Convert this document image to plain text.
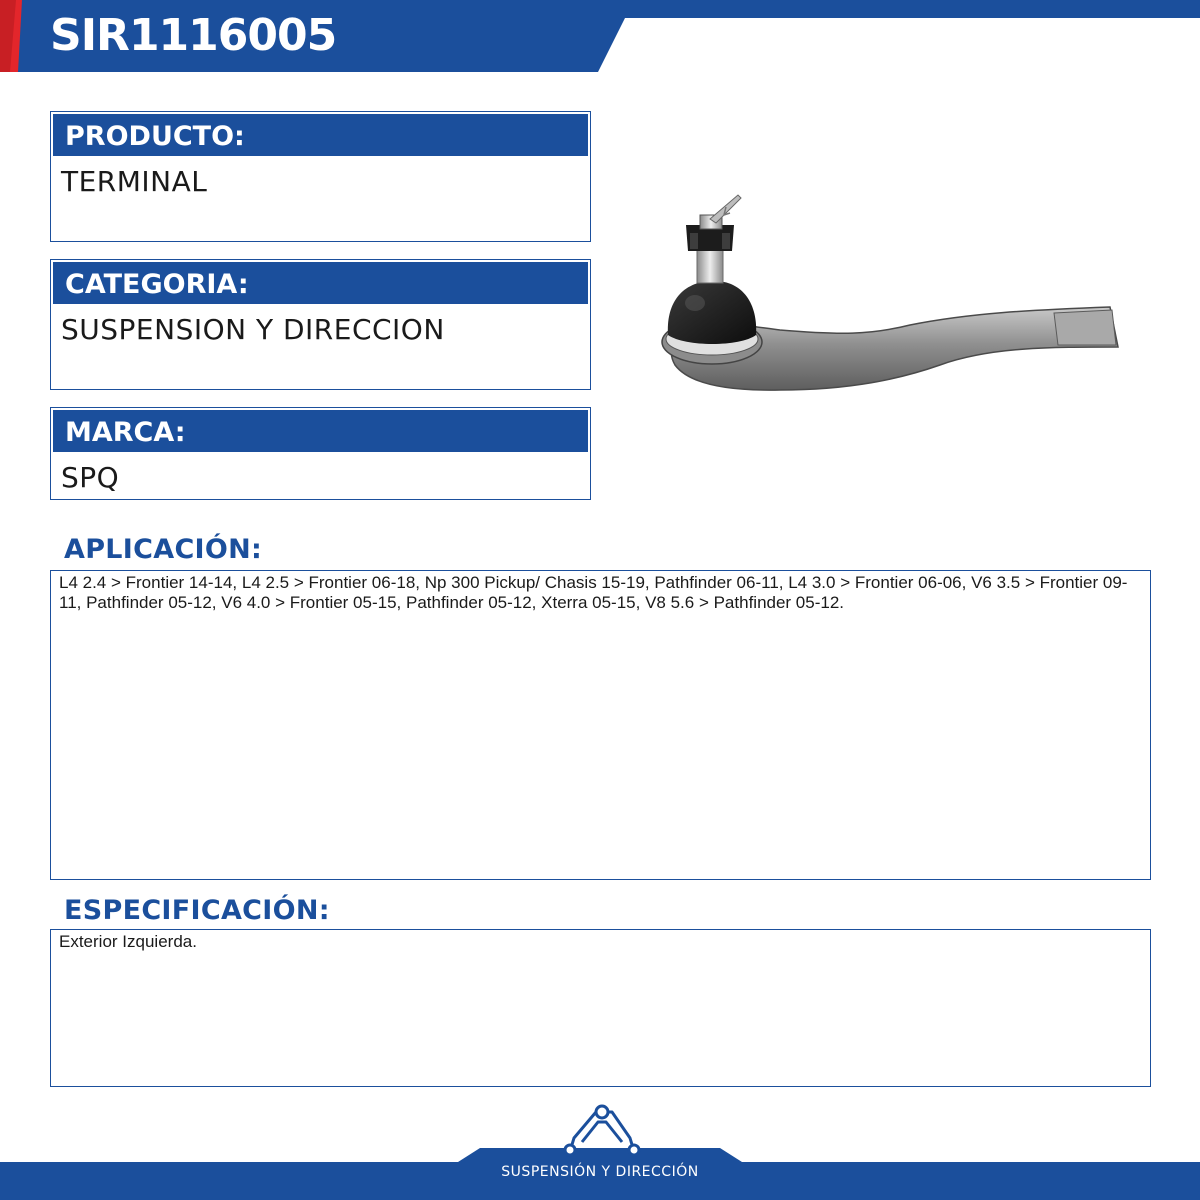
SIR1116005
PRODUCTO:
TERMINAL
CATEGORIA:
SUSPENSION Y DIRECCION
MARCA:
SPQ
APLICACIÓN:
L4 2.4 > Frontier 14-14, L4 2.5 > Frontier 06-18, Np 300 Pickup/ Chasis 15-19, Pathfinder 06-11, L4 3.0 > Frontier 06-06, V6 3.5 > Frontier 09-11, Pathfinder 05-12, V6 4.0 > Frontier 05-15, Pathfinder 05-12, Xterra 05-15, V8 5.6 > Pathfinder 05-12.
ESPECIFICACIÓN:
Exterior Izquierda.
SUSPENSIÓN Y DIRECCIÓN
